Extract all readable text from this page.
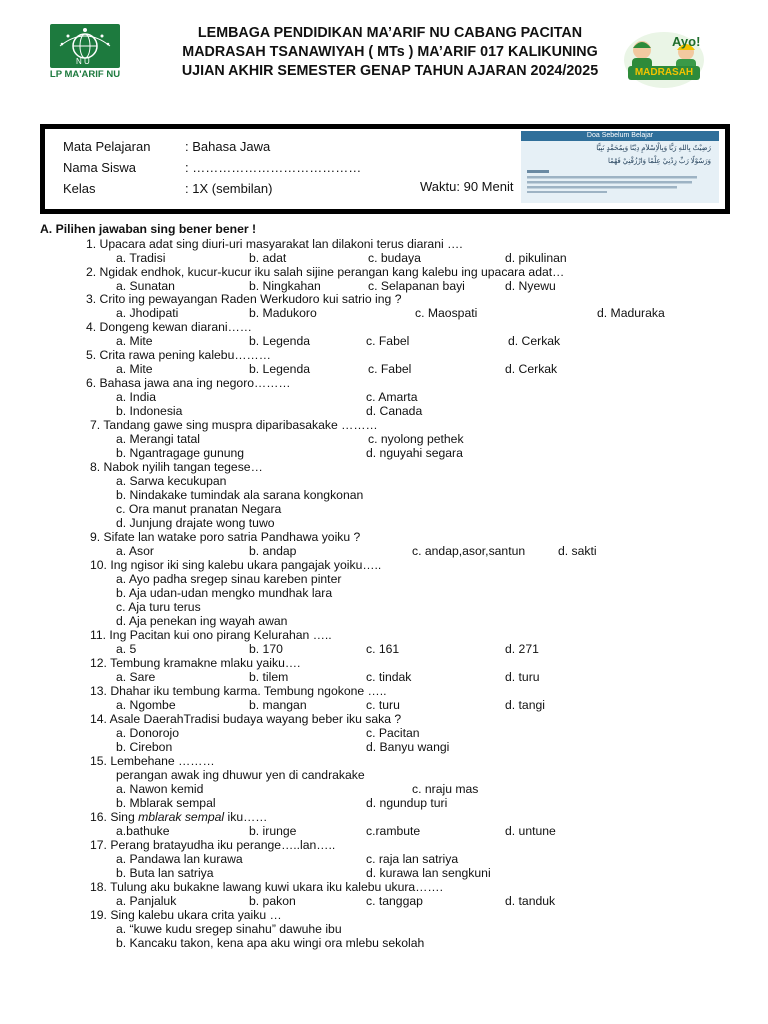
N U
LP MA'ARIF NU
LEMBAGA PENDIDIKAN MA’ARIF NU CABANG PACITAN
MADRASAH TSANAWIYAH ( MTs ) MA’ARIF 017 KALIKUNING
UJIAN AKHIR SEMESTER GENAP TAHUN AJARAN 2024/2025
Ayo!
MADRASAH
Mata Pelajaran	: Bahasa Jawa
Nama Siswa	: …………………………………
Kelas	: 1X (sembilan)	Waktu: 90 Menit
Doa Sebelum Belajar
رَضِيْتُ بِاللهِ رَبًّا وَبِالْاِسْلاَمِ دِيْنًا وَبِمُحَمَّدٍ نَبِيًّا
وَرَسُوْلًا رَبِّ زِدْنِيْ عِلْمًا وَارْزُقْنِيْ فَهْمًا
A. Pilihen jawaban sing bener bener !
1. Upacara adat sing diuri-uri masyarakat lan dilakoni terus diarani ….
2. Ngidak endhok, kucur-kucur iku salah sijine perangan kang kalebu ing upacara adat…
3. Crito ing pewayangan Raden Werkudoro kui satrio ing ?
4. Dongeng kewan diarani……
5. Crita rawa pening kalebu………
6. Bahasa jawa ana ing negoro………
7. Tandang gawe sing muspra diparibasakake ………
8. Nabok nyilih tangan tegese…
9. Sifate lan watake poro satria Pandhawa yoiku ?
10. Ing ngisor iki sing kalebu ukara pangajak yoiku…..
11. Ing Pacitan kui ono pirang Kelurahan …..
12. Tembung kramakne mlaku yaiku….
13. Dhahar iku tembung karma. Tembung ngokone …..
14. Asale DaerahTradisi budaya wayang beber iku saka ?
15. Lembehane ………
perangan awak ing dhuwur yen di candrakake
16. Sing mblarak sempal iku……
17. Perang bratayudha iku perange…..lan…..
18. Tulung aku bukakne lawang kuwi ukara iku kalebu ukura…….
19. Sing kalebu ukara crita yaiku …
a. Tradisi	b. adat	c. budaya	d. pikulinan
a. Sunatan	b. Ningkahan	c. Selapanan bayi	d. Nyewu
a. Jhodipati	b. Madukoro	c. Maospati	d. Maduraka
a. Mite	b. Legenda	c. Fabel	d. Cerkak
a. Mite	b. Legenda	c. Fabel	d. Cerkak
a. India	c. Amarta
b. Indonesia	d. Canada
a. Merangi tatal	c. nyolong pethek
b. Ngantragage gunung	d. nguyahi segara
a. Sarwa kecukupan
b. Nindakake tumindak ala sarana kongkonan
c. Ora manut pranatan Negara
d. Junjung drajate wong tuwo
a. Asor	b. andap	c. andap,asor,santun	d. sakti
a. Ayo padha sregep sinau kareben pinter
b. Aja udan-udan mengko mundhak lara
c. Aja turu terus
d. Aja penekan ing wayah awan
a. 5	b. 170	c. 161	d. 271
a. Sare	b. tilem	c. tindak	d. turu
a. Ngombe	b. mangan	c. turu	d. tangi
a. Donorojo	c. Pacitan
b. Cirebon	d. Banyu wangi
a. Nawon kemid	c. nraju mas
b. Mblarak sempal	d. ngundup turi
a.bathuke	b. irunge	c.rambute	d. untune
a. Pandawa lan kurawa	c. raja lan satriya
b. Buta lan satriya	d. kurawa lan sengkuni
a. Panjaluk	b. pakon	c. tanggap	d. tanduk
a. “kuwe kudu sregep sinahu” dawuhe ibu
b. Kancaku takon, kena apa aku wingi ora mlebu sekolah
